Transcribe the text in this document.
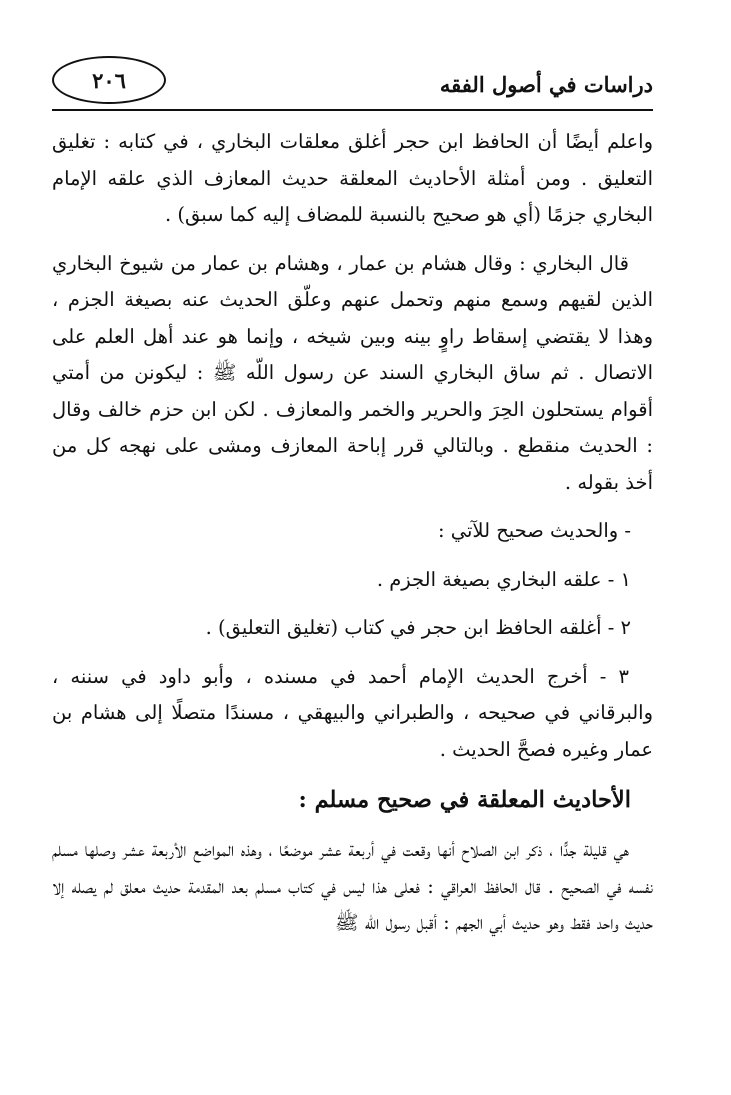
٢٠٦	دراسات في أصول الفقه

واعلم أيضًا أن الحافظ ابن حجر أغلق معلقات البخاري ، في كتابه : تغليق التعليق . ومن أمثلة الأحاديث المعلقة حديث المعازف الذي علقه الإمام البخاري جزمًا (أي هو صحيح بالنسبة للمضاف إليه كما سبق) .

قال البخاري : وقال هشام بن عمار ، وهشام بن عمار من شيوخ البخاري الذين لقيهم وسمع منهم وتحمل عنهم وعلّق الحديث عنه بصيغة الجزم ، وهذا لا يقتضي إسقاط راوٍ بينه وبين شيخه ، وإنما هو عند أهل العلم على الاتصال . ثم ساق البخاري السند عن رسول اللّه ﷺ : ليكونن من أمتي أقوام يستحلون الحِرَ والحرير والخمر والمعازف . لكن ابن حزم خالف وقال : الحديث منقطع . وبالتالي قرر إباحة المعازف ومشى على نهجه كل من أخذ بقوله .

- والحديث صحيح للآتي :

١ - علقه البخاري بصيغة الجزم .

٢ - أغلقه الحافظ ابن حجر في كتاب (تغليق التعليق) .

٣ - أخرج الحديث الإمام أحمد في مسنده ، وأبو داود في سننه ، والبرقاني في صحيحه ، والطبراني والبيهقي ، مسندًا متصلًا إلى هشام بن عمار وغيره فصحَّ الحديث .

الأحاديث المعلقة في صحيح مسلم :

هي قليلة جدًّا ، ذكر ابن الصلاح أنها وقعت في أربعة عشر موضعًا ، وهذه المواضع الأربعة عشر وصلها مسلم نفسه في الصحيح . قال الحافظ العراقي : فعلى هذا ليس في كتاب مسلم بعد المقدمة حديث معلق لم يصله إلا حديث واحد فقط وهو حديث أبي الجهم : أقبل رسول اللّه ﷺ
